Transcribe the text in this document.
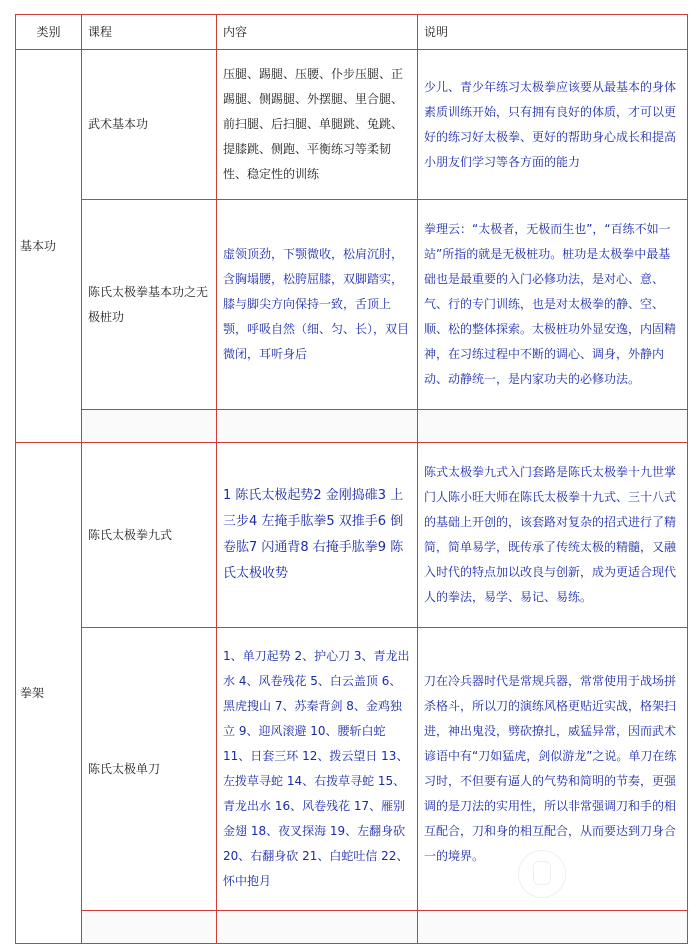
类别	课程	内容	说明
基本功	武术基本功	压腿、踢腿、压腰、仆步压腿、正踢腿、侧踢腿、外摆腿、里合腿、前扫腿、后扫腿、单腿跳、兔跳、提膝跳、侧跑、平衡练习等柔韧性、稳定性的训练	少儿、青少年练习太极拳应该要从最基本的身体素质训练开始，只有拥有良好的体质，才可以更好的练习好太极拳、更好的帮助身心成长和提高小朋友们学习等各方面的能力
	陈氏太极拳基本功之无极桩功	虚领顶劲，下颚微收，松肩沉肘，含胸塌腰，松胯屈膝，双脚踏实，膝与脚尖方向保持一致，舌顶上颚，呼吸自然（细、匀、长），双目微闭，耳听身后	拳理云：“太极者，无极而生也”，“百练不如一站”所指的就是无极桩功。桩功是太极拳中最基础也是最重要的入门必修功法，是对心、意、气、行的专门训练，也是对太极拳的静、空、顺、松的整体探索。太极桩功外显安逸，内固精神，在习练过程中不断的调心、调身，外静内动、动静统一，是内家功夫的必修功法。

拳架	陈氏太极拳九式	1 陈氏太极起势2 金刚捣碓3 上三步4 左掩手肱拳5 双推手6 倒卷肱7 闪通背8 右掩手肱拳9 陈氏太极收势	陈式太极拳九式入门套路是陈氏太极拳十九世掌门人陈小旺大师在陈氏太极拳十九式、三十八式的基础上开创的，该套路对复杂的招式进行了精简，简单易学，既传承了传统太极的精髓，又融入时代的特点加以改良与创新，成为更适合现代人的拳法，易学、易记、易练。
	陈氏太极单刀	1、单刀起势 2、护心刀 3、青龙出水 4、风卷残花 5、白云盖顶 6、黑虎搜山 7、苏秦背剑 8、金鸡独立 9、迎风滚避 10、腰斩白蛇 11、日套三环 12、拨云望日 13、左拨草寻蛇 14、右拨草寻蛇 15、青龙出水 16、风卷残花 17、雁别金翅 18、夜叉探海 19、左翻身砍 20、右翻身砍 21、白蛇吐信 22、怀中抱月	刀在冷兵器时代是常规兵器，常常使用于战场拼杀格斗，所以刀的演练风格更贴近实战，格架扫进，神出鬼没，劈砍撩扎，威猛异常，因而武术谚语中有“刀如猛虎，剑似游龙”之说。单刀在练习时，不但要有逼人的气势和简明的节奏，更强调的是刀法的实用性，所以非常强调刀和手的相互配合，刀和身的相互配合，从而要达到刀身合一的境界。
